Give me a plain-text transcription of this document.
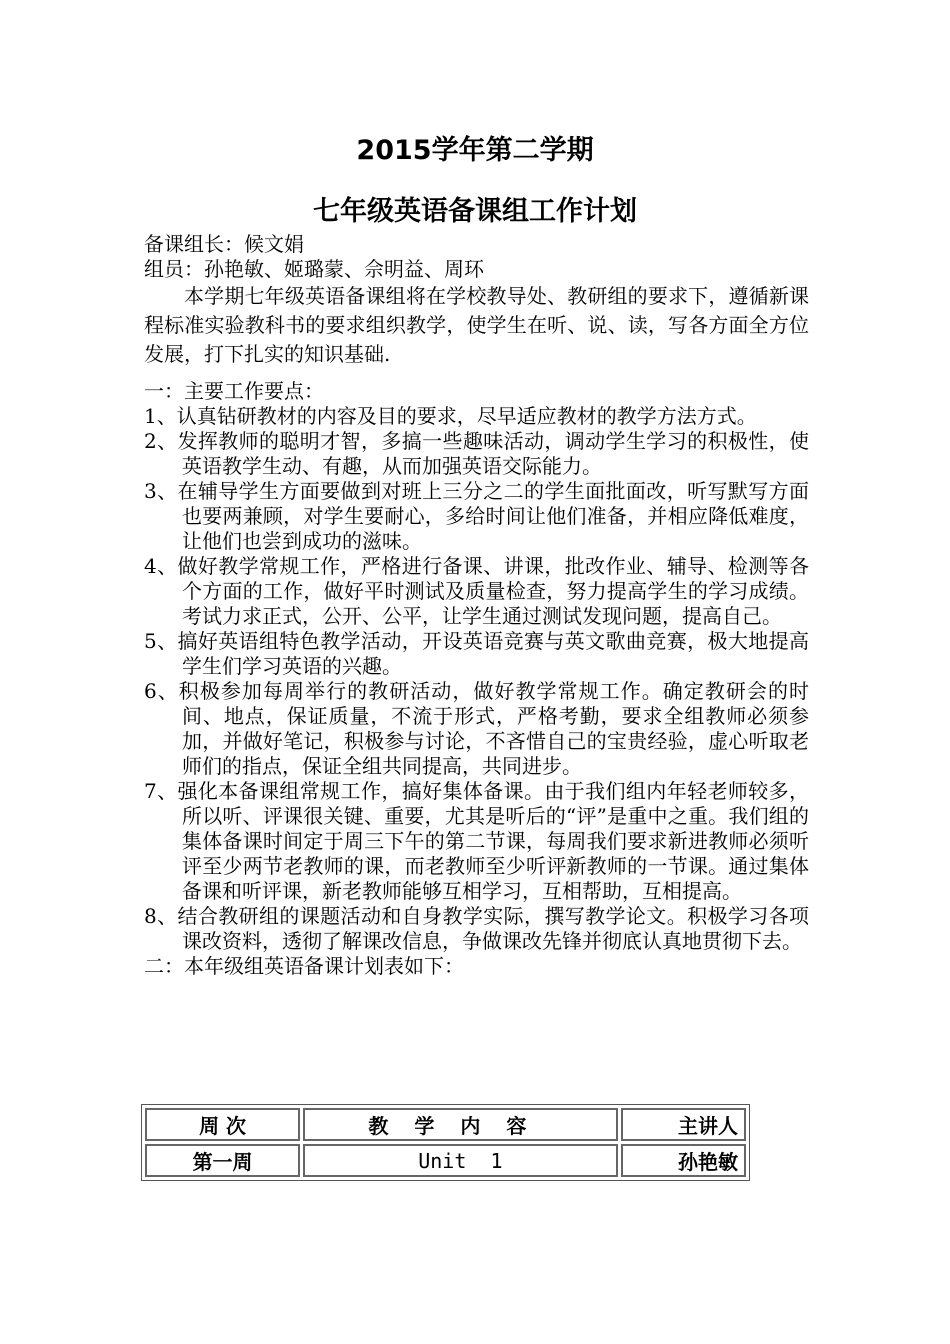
2015学年第二学期
七年级英语备课组工作计划

备课组长：候文娟

组员：孙艳敏、姬璐蒙、佘明益、周环

本学期七年级英语备课组将在学校教导处、教研组的要求下，遵循新课程标准实验教科书的要求组织教学，使学生在听、说、读，写各方面全方位发展，打下扎实的知识基础.

一：主要工作要点：

1、认真钻研教材的内容及目的要求，尽早适应教材的教学方法方式。

2、发挥教师的聪明才智，多搞一些趣味活动，调动学生学习的积极性，使英语教学生动、有趣，从而加强英语交际能力。

3、在辅导学生方面要做到对班上三分之二的学生面批面改，听写默写方面也要两兼顾，对学生要耐心，多给时间让他们准备，并相应降低难度，让他们也尝到成功的滋味。

4、做好教学常规工作，严格进行备课、讲课，批改作业、辅导、检测等各个方面的工作，做好平时测试及质量检查，努力提高学生的学习成绩。考试力求正式，公开、公平，让学生通过测试发现问题，提高自己。

5、搞好英语组特色教学活动，开设英语竞赛与英文歌曲竞赛，极大地提高学生们学习英语的兴趣。

6、积极参加每周举行的教研活动，做好教学常规工作。确定教研会的时间、地点，保证质量，不流于形式，严格考勤，要求全组教师必须参加，并做好笔记，积极参与讨论，不吝惜自己的宝贵经验，虚心听取老师们的指点，保证全组共同提高，共同进步。

7、强化本备课组常规工作，搞好集体备课。由于我们组内年轻老师较多，所以听、评课很关键、重要，尤其是听后的“评”是重中之重。我们组的集体备课时间定于周三下午的第二节课，每周我们要求新进教师必须听评至少两节老教师的课，而老教师至少听评新教师的一节课。通过集体备课和听评课，新老教师能够互相学习，互相帮助，互相提高。

8、结合教研组的课题活动和自身教学实际，撰写教学论文。积极学习各项课改资料，透彻了解课改信息，争做课改先锋并彻底认真地贯彻下去。

二：本年级组英语备课计划表如下：

周 次	教学内容	主讲人
第一周	Unit  1	孙艳敏
